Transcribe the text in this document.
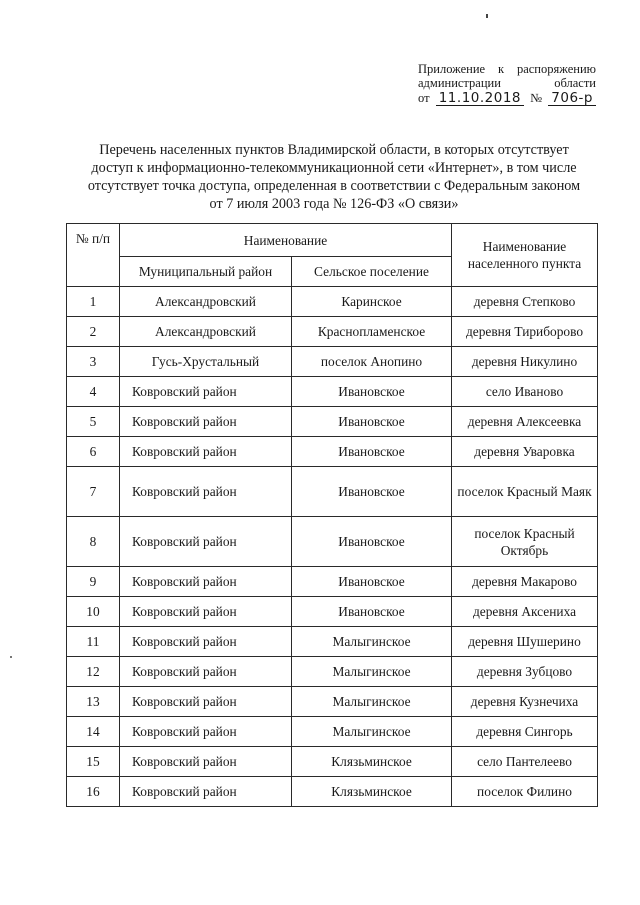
Приложение к распоряжению
администрации	области
от 11.10.2018 № 706-р
Перечень населенных пунктов Владимирской области, в которых отсутствует
доступ к информационно-телекоммуникационной сети «Интернет», в том числе
отсутствует точка доступа, определенная в соответствии с Федеральным законом
от 7 июля 2003 года № 126-ФЗ «О связи»
№ п/п	Наименование		Наименование населенного пункта
	Муниципальный район	Сельское поселение	
1	Александровский	Каринское	деревня Степково
2	Александровский	Краснопламенское	деревня Тириборово
3	Гусь-Хрустальный	поселок Анопино	деревня Никулино
4	Ковровский район	Ивановское	село Иваново
5	Ковровский район	Ивановское	деревня Алексеевка
6	Ковровский район	Ивановское	деревня Уваровка
7	Ковровский район	Ивановское	поселок Красный Маяк
8	Ковровский район	Ивановское	поселок Красный Октябрь
9	Ковровский район	Ивановское	деревня Макарово
10	Ковровский район	Ивановское	деревня Аксениха
11	Ковровский район	Малыгинское	деревня Шушерино
12	Ковровский район	Малыгинское	деревня Зубцово
13	Ковровский район	Малыгинское	деревня Кузнечиха
14	Ковровский район	Малыгинское	деревня Сингорь
15	Ковровский район	Клязьминское	село Пантелеево
16	Ковровский район	Клязьминское	поселок Филино
